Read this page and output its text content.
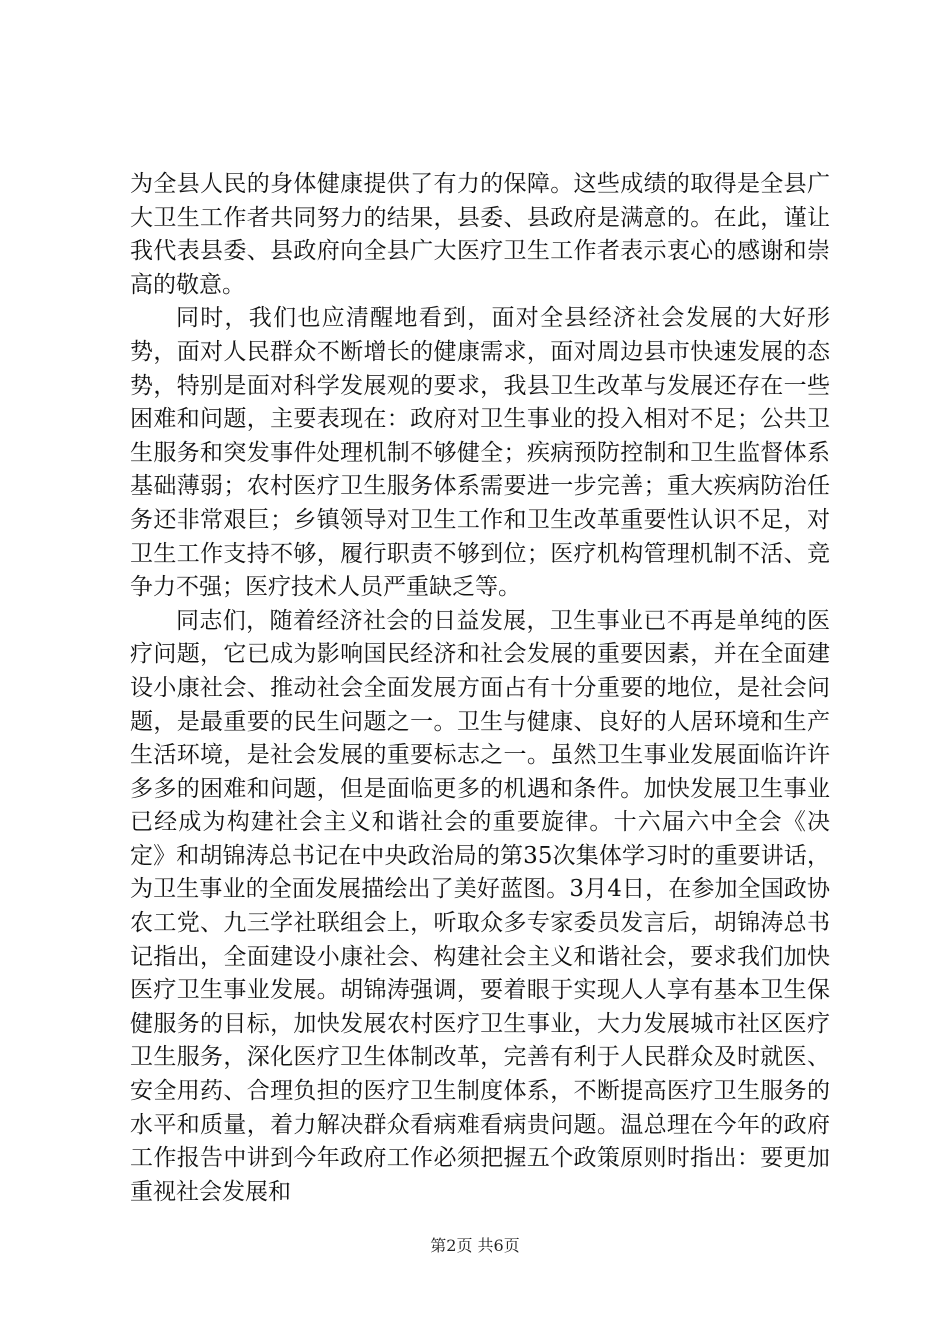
为全县人民的身体健康提供了有力的保障。这些成绩的取得是全县广大卫生工作者共同努力的结果，县委、县政府是满意的。在此，谨让我代表县委、县政府向全县广大医疗卫生工作者表示衷心的感谢和崇高的敬意。

同时，我们也应清醒地看到，面对全县经济社会发展的大好形势，面对人民群众不断增长的健康需求，面对周边县市快速发展的态势，特别是面对科学发展观的要求，我县卫生改革与发展还存在一些困难和问题，主要表现在：政府对卫生事业的投入相对不足；公共卫生服务和突发事件处理机制不够健全；疾病预防控制和卫生监督体系基础薄弱；农村医疗卫生服务体系需要进一步完善；重大疾病防治任务还非常艰巨；乡镇领导对卫生工作和卫生改革重要性认识不足，对卫生工作支持不够，履行职责不够到位；医疗机构管理机制不活、竞争力不强；医疗技术人员严重缺乏等。

同志们，随着经济社会的日益发展，卫生事业已不再是单纯的医疗问题，它已成为影响国民经济和社会发展的重要因素，并在全面建设小康社会、推动社会全面发展方面占有十分重要的地位，是社会问题，是最重要的民生问题之一。卫生与健康、良好的人居环境和生产生活环境，是社会发展的重要标志之一。虽然卫生事业发展面临许许多多的困难和问题，但是面临更多的机遇和条件。加快发展卫生事业已经成为构建社会主义和谐社会的重要旋律。十六届六中全会《决定》和胡锦涛总书记在中央政治局的第35次集体学习时的重要讲话，为卫生事业的全面发展描绘出了美好蓝图。3月4日，在参加全国政协农工党、九三学社联组会上，听取众多专家委员发言后，胡锦涛总书记指出，全面建设小康社会、构建社会主义和谐社会，要求我们加快医疗卫生事业发展。胡锦涛强调，要着眼于实现人人享有基本卫生保健服务的目标，加快发展农村医疗卫生事业，大力发展城市社区医疗卫生服务，深化医疗卫生体制改革，完善有利于人民群众及时就医、安全用药、合理负担的医疗卫生制度体系，不断提高医疗卫生服务的水平和质量，着力解决群众看病难看病贵问题。温总理在今年的政府工作报告中讲到今年政府工作必须把握五个政策原则时指出：要更加重视社会发展和

第2页 共6页
